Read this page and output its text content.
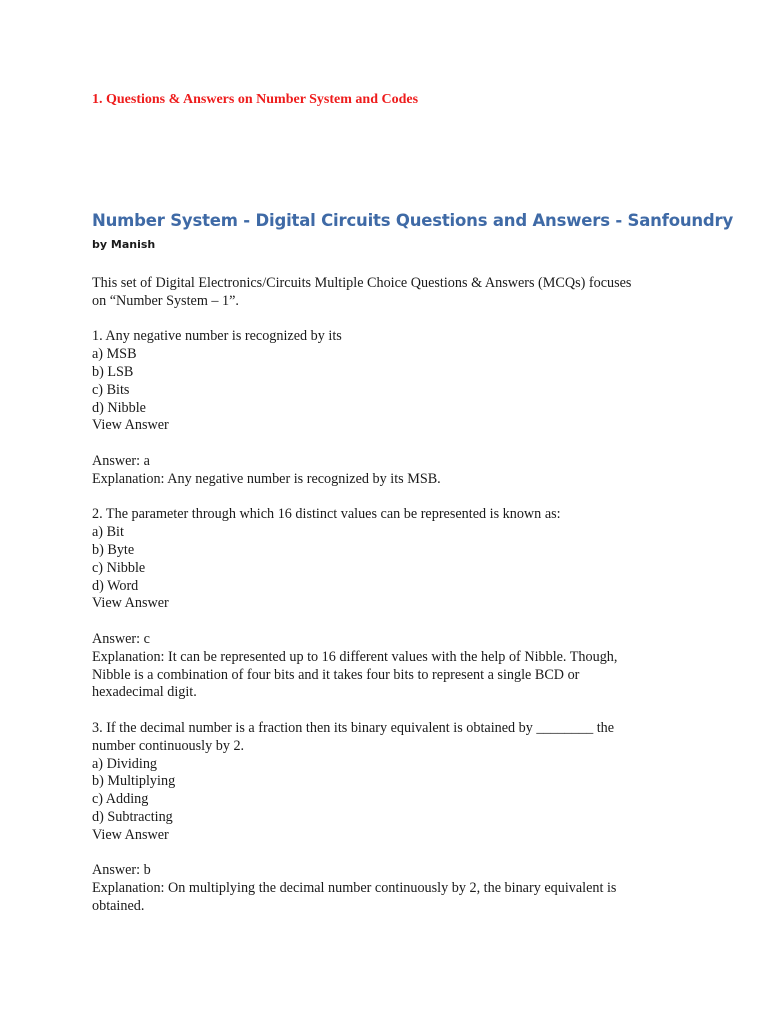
1. Questions & Answers on Number System and Codes
Number System - Digital Circuits Questions and Answers - Sanfoundry
by Manish

This set of Digital Electronics/Circuits Multiple Choice Questions & Answers (MCQs) focuses
on “Number System – 1”.

1. Any negative number is recognized by its
a) MSB
b) LSB
c) Bits
d) Nibble
View Answer
Answer: a
Explanation: Any negative number is recognized by its MSB.
2. The parameter through which 16 distinct values can be represented is known as:
a) Bit
b) Byte
c) Nibble
d) Word
View Answer
Answer: c
Explanation: It can be represented up to 16 different values with the help of Nibble. Though,
Nibble is a combination of four bits and it takes four bits to represent a single BCD or
hexadecimal digit.
3. If the decimal number is a fraction then its binary equivalent is obtained by ________ the
number continuously by 2.
a) Dividing
b) Multiplying
c) Adding
d) Subtracting
View Answer
Answer: b
Explanation: On multiplying the decimal number continuously by 2, the binary equivalent is
obtained.
